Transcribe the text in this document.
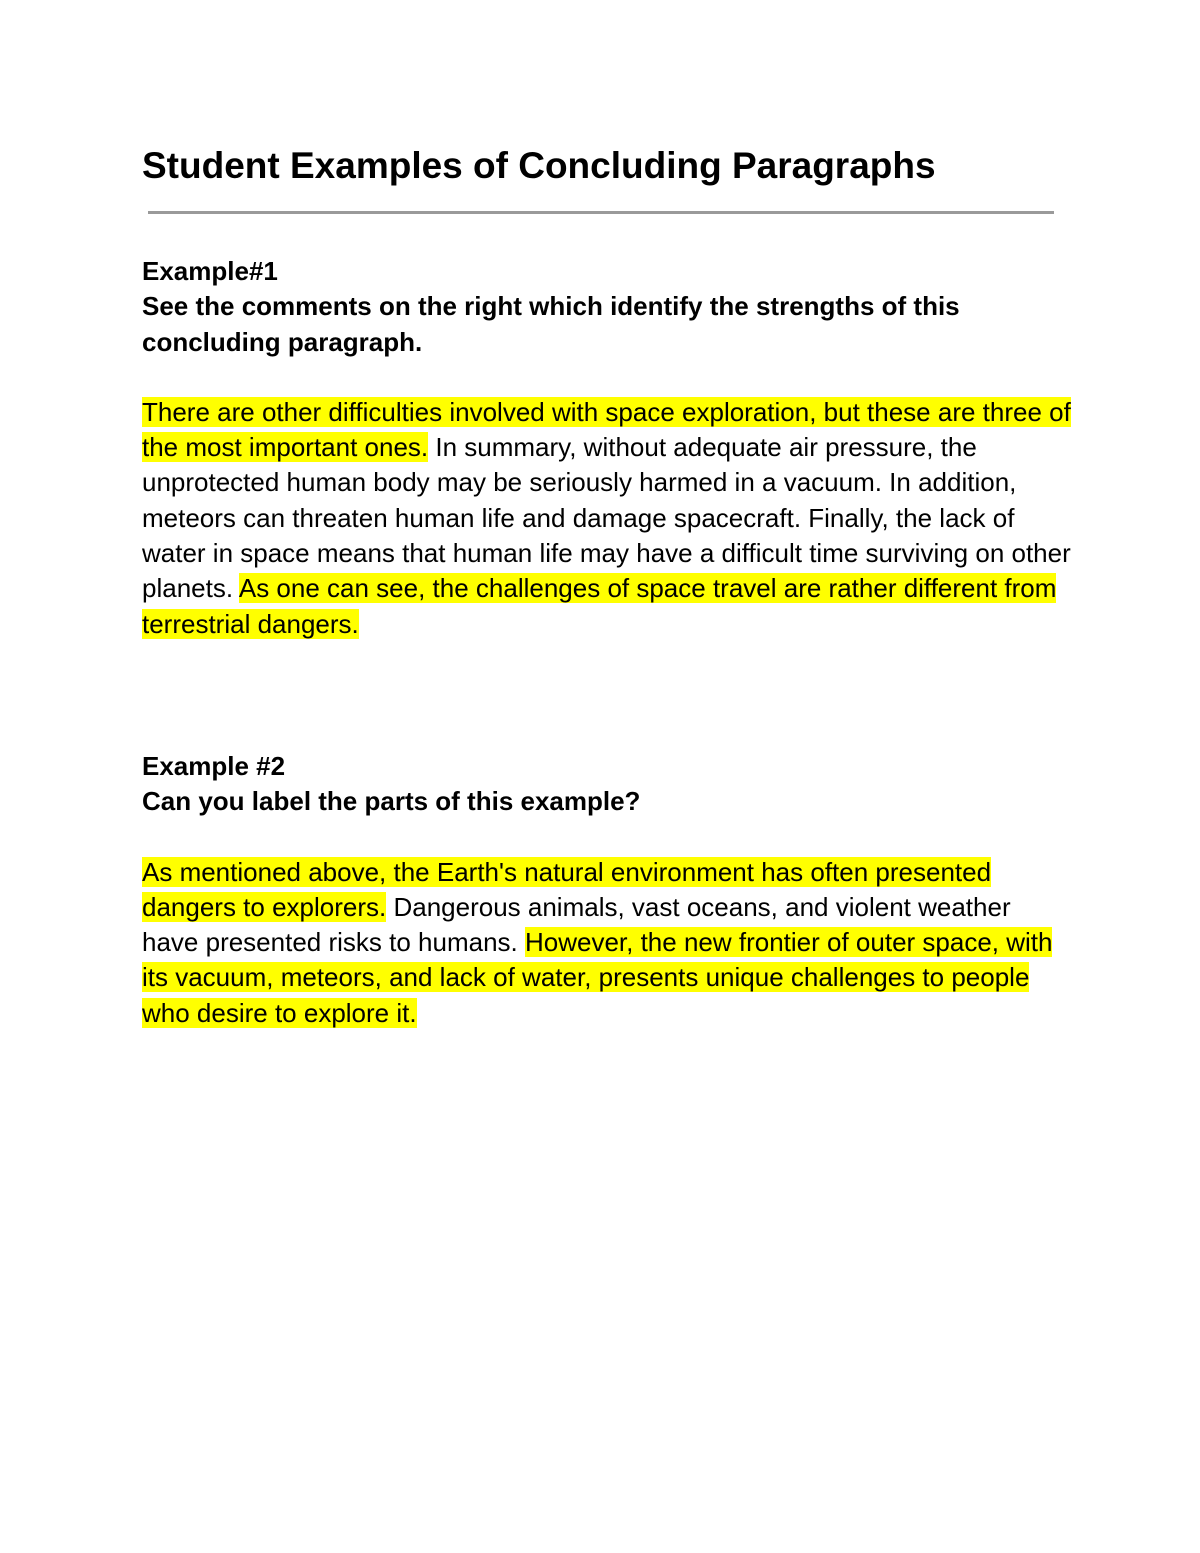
Student Examples of Concluding Paragraphs

Example#1

See the comments on the right which identify the strengths of this concluding paragraph.

There are other difficulties involved with space exploration, but these are three of the most important ones. In summary, without adequate air pressure, the unprotected human body may be seriously harmed in a vacuum. In addition, meteors can threaten human life and damage spacecraft. Finally, the lack of water in space means that human life may have a difficult time surviving on other planets. As one can see, the challenges of space travel are rather different from terrestrial dangers.

Example #2

Can you label the parts of this example?

As mentioned above, the Earth's natural environment has often presented dangers to explorers. Dangerous animals, vast oceans, and violent weather have presented risks to humans. However, the new frontier of outer space, with its vacuum, meteors, and lack of water, presents unique challenges to people who desire to explore it.
